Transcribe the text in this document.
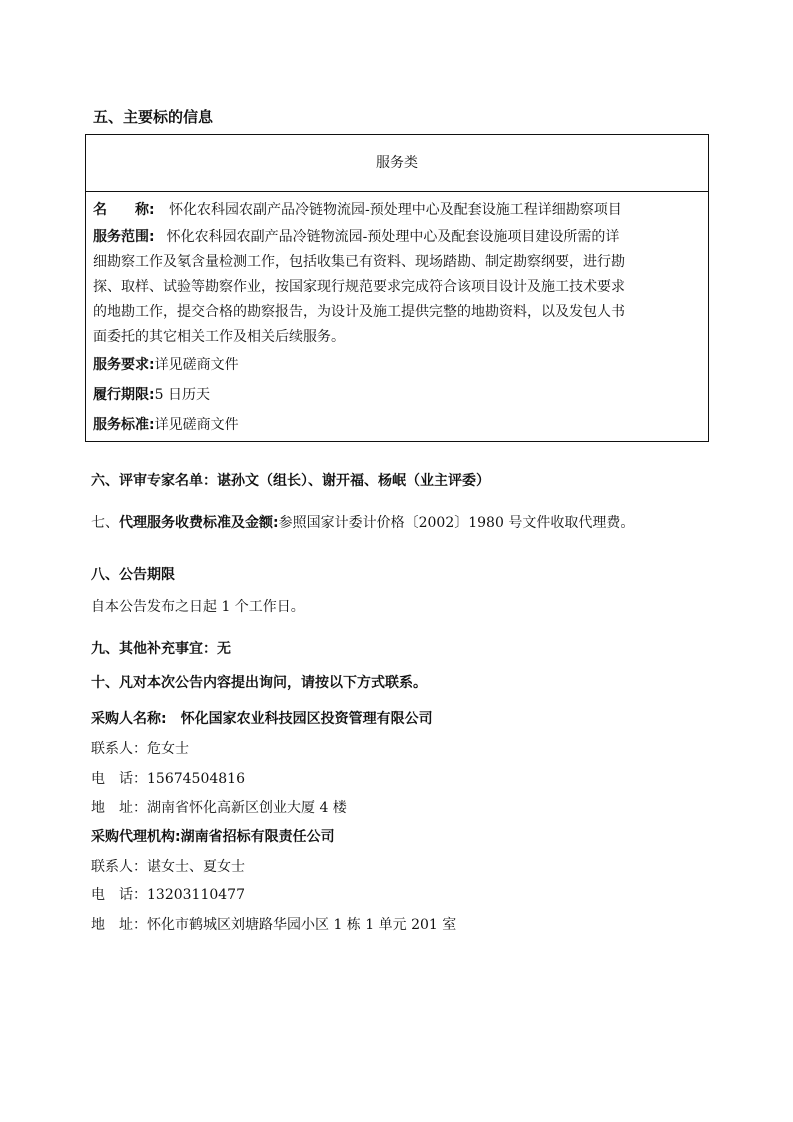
五、主要标的信息
服务类
名　　称: 怀化农科园农副产品冷链物流园-预处理中心及配套设施工程详细勘察项目
服务范围: 怀化农科园农副产品冷链物流园-预处理中心及配套设施项目建设所需的详
细勘察工作及氡含量检测工作，包括收集已有资料、现场踏勘、制定勘察纲要，进行勘
探、取样、试验等勘察作业，按国家现行规范要求完成符合该项目设计及施工技术要求
的地勘工作，提交合格的勘察报告，为设计及施工提供完整的地勘资料，以及发包人书
面委托的其它相关工作及相关后续服务。
服务要求:详见磋商文件
履行期限:5 日历天
服务标准:详见磋商文件
六、评审专家名单：谌孙文（组长）、谢开福、杨岷（业主评委）
七、代理服务收费标准及金额:参照国家计委计价格〔2002〕1980 号文件收取代理费。
八、公告期限
自本公告发布之日起 1 个工作日。
九、其他补充事宜：无
十、凡对本次公告内容提出询问，请按以下方式联系。
采购人名称: 怀化国家农业科技园区投资管理有限公司
联系人：危女士
电　话：15674504816
地　址：湖南省怀化高新区创业大厦 4 楼
采购代理机构:湖南省招标有限责任公司
联系人：谌女士、夏女士
电　话：13203110477
地　址：怀化市鹤城区刘塘路华园小区 1 栋 1 单元 201 室
